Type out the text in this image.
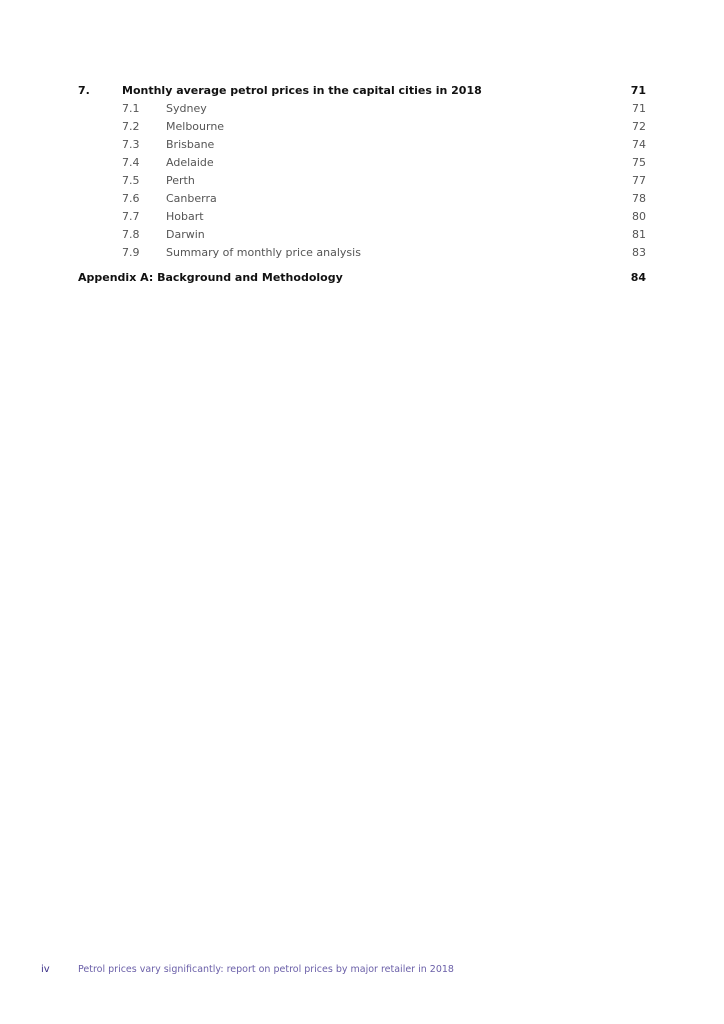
7.	Monthly average petrol prices in the capital cities in 2018	71
7.1 Sydney	71
7.2 Melbourne	72
7.3 Brisbane	74
7.4 Adelaide	75
7.5 Perth	77
7.6 Canberra	78
7.7 Hobart	80
7.8 Darwin	81
7.9 Summary of monthly price analysis	83
Appendix A: Background and Methodology	84
iv	Petrol prices vary significantly: report on petrol prices by major retailer in 2018
